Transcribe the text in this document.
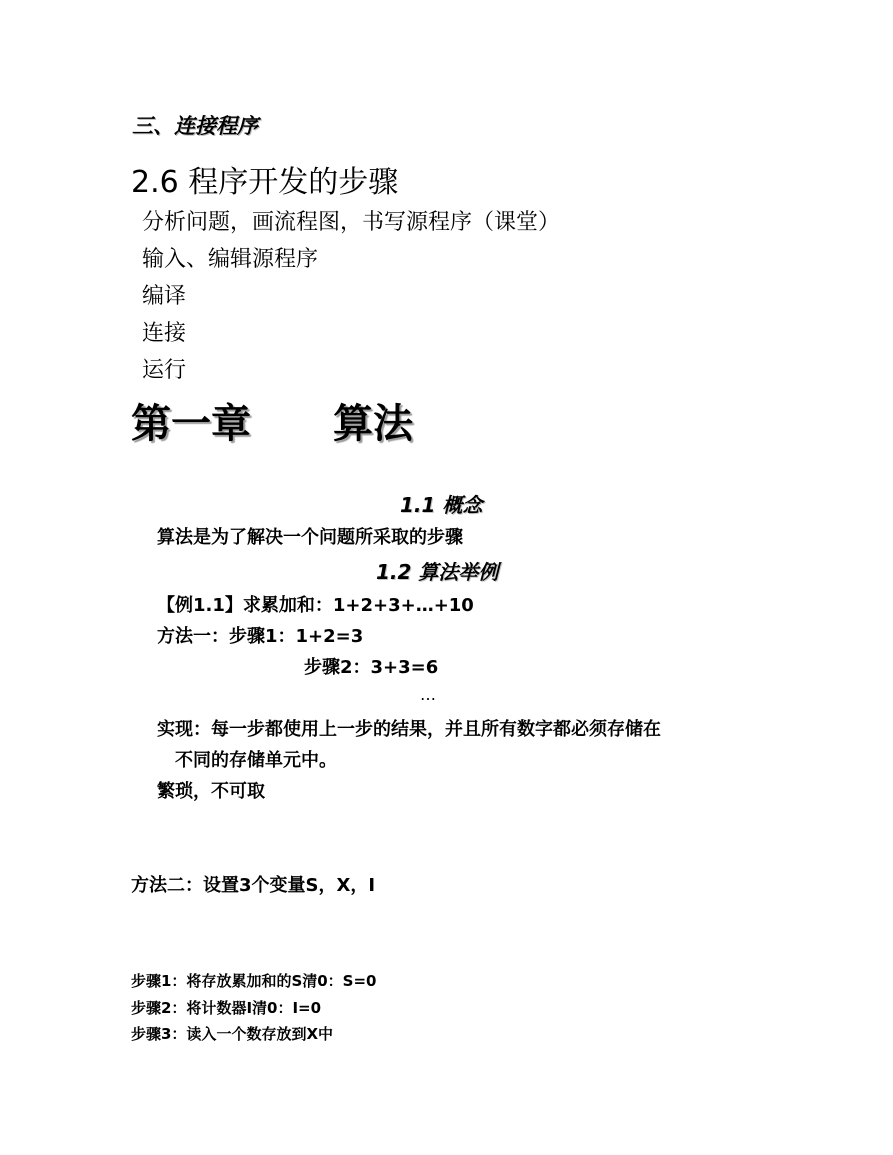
三、连接程序
2.6 程序开发的步骤
分析问题，画流程图，书写源程序（课堂）
输入、编辑源程序
编译
连接
运行
第一章 算法
1.1 概念
算法是为了解决一个问题所采取的步骤
1.2 算法举例
【例1.1】求累加和：1+2+3+…+10
方法一：步骤1：1+2=3
步骤2：3+3=6
…
实现：每一步都使用上一步的结果，并且所有数字都必须存储在
不同的存储单元中。
繁琐，不可取
方法二：设置3个变量S，X，I
步骤1：将存放累加和的S清0：S=0
步骤2：将计数器I清0：I=0
步骤3：读入一个数存放到X中
